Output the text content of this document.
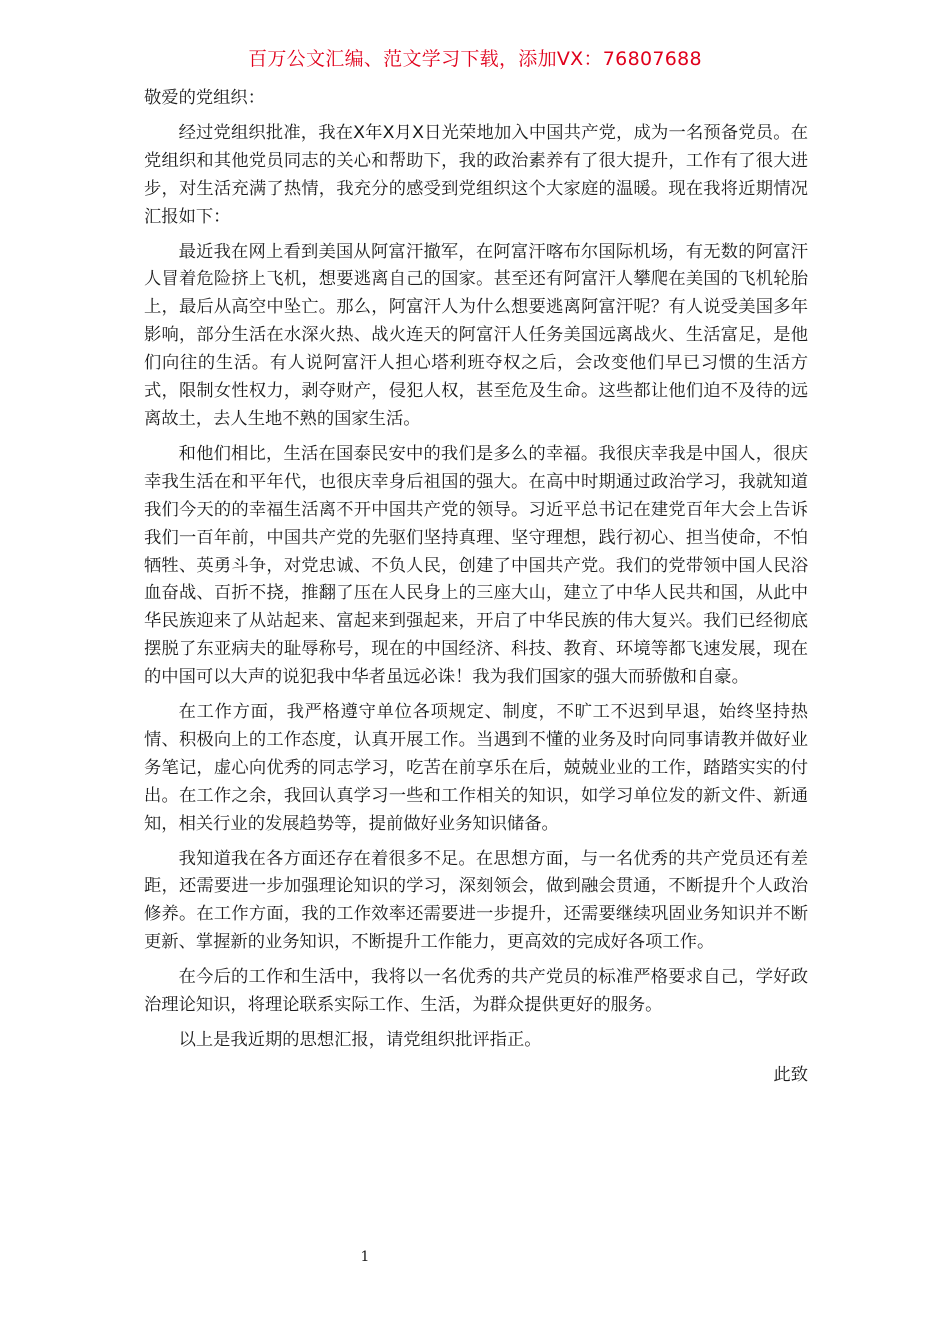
百万公文汇编、范文学习下载，添加VX：76807688

敬爱的党组织：

经过党组织批准，我在X年X月X日光荣地加入中国共产党，成为一名预备党员。在党组织和其他党员同志的关心和帮助下，我的政治素养有了很大提升，工作有了很大进步，对生活充满了热情，我充分的感受到党组织这个大家庭的温暖。现在我将近期情况汇报如下：

最近我在网上看到美国从阿富汗撤军，在阿富汗喀布尔国际机场，有无数的阿富汗人冒着危险挤上飞机，想要逃离自己的国家。甚至还有阿富汗人攀爬在美国的飞机轮胎上，最后从高空中坠亡。那么，阿富汗人为什么想要逃离阿富汗呢？有人说受美国多年影响，部分生活在水深火热、战火连天的阿富汗人任务美国远离战火、生活富足，是他们向往的生活。有人说阿富汗人担心塔利班夺权之后，会改变他们早已习惯的生活方式，限制女性权力，剥夺财产，侵犯人权，甚至危及生命。这些都让他们迫不及待的远离故土，去人生地不熟的国家生活。

和他们相比，生活在国泰民安中的我们是多么的幸福。我很庆幸我是中国人，很庆幸我生活在和平年代，也很庆幸身后祖国的强大。在高中时期通过政治学习，我就知道我们今天的的幸福生活离不开中国共产党的领导。习近平总书记在建党百年大会上告诉我们一百年前，中国共产党的先驱们坚持真理、坚守理想，践行初心、担当使命，不怕牺牲、英勇斗争，对党忠诚、不负人民，创建了中国共产党。我们的党带领中国人民浴血奋战、百折不挠，推翻了压在人民身上的三座大山，建立了中华人民共和国，从此中华民族迎来了从站起来、富起来到强起来，开启了中华民族的伟大复兴。我们已经彻底摆脱了东亚病夫的耻辱称号，现在的中国经济、科技、教育、环境等都飞速发展，现在的中国可以大声的说犯我中华者虽远必诛！我为我们国家的强大而骄傲和自豪。

在工作方面，我严格遵守单位各项规定、制度，不旷工不迟到早退，始终坚持热情、积极向上的工作态度，认真开展工作。当遇到不懂的业务及时向同事请教并做好业务笔记，虚心向优秀的同志学习，吃苦在前享乐在后，兢兢业业的工作，踏踏实实的付出。在工作之余，我回认真学习一些和工作相关的知识，如学习单位发的新文件、新通知，相关行业的发展趋势等，提前做好业务知识储备。

我知道我在各方面还存在着很多不足。在思想方面，与一名优秀的共产党员还有差距，还需要进一步加强理论知识的学习，深刻领会，做到融会贯通，不断提升个人政治修养。在工作方面，我的工作效率还需要进一步提升，还需要继续巩固业务知识并不断更新、掌握新的业务知识，不断提升工作能力，更高效的完成好各项工作。

在今后的工作和生活中，我将以一名优秀的共产党员的标准严格要求自己，学好政治理论知识，将理论联系实际工作、生活，为群众提供更好的服务。

以上是我近期的思想汇报，请党组织批评指正。

此致

1
